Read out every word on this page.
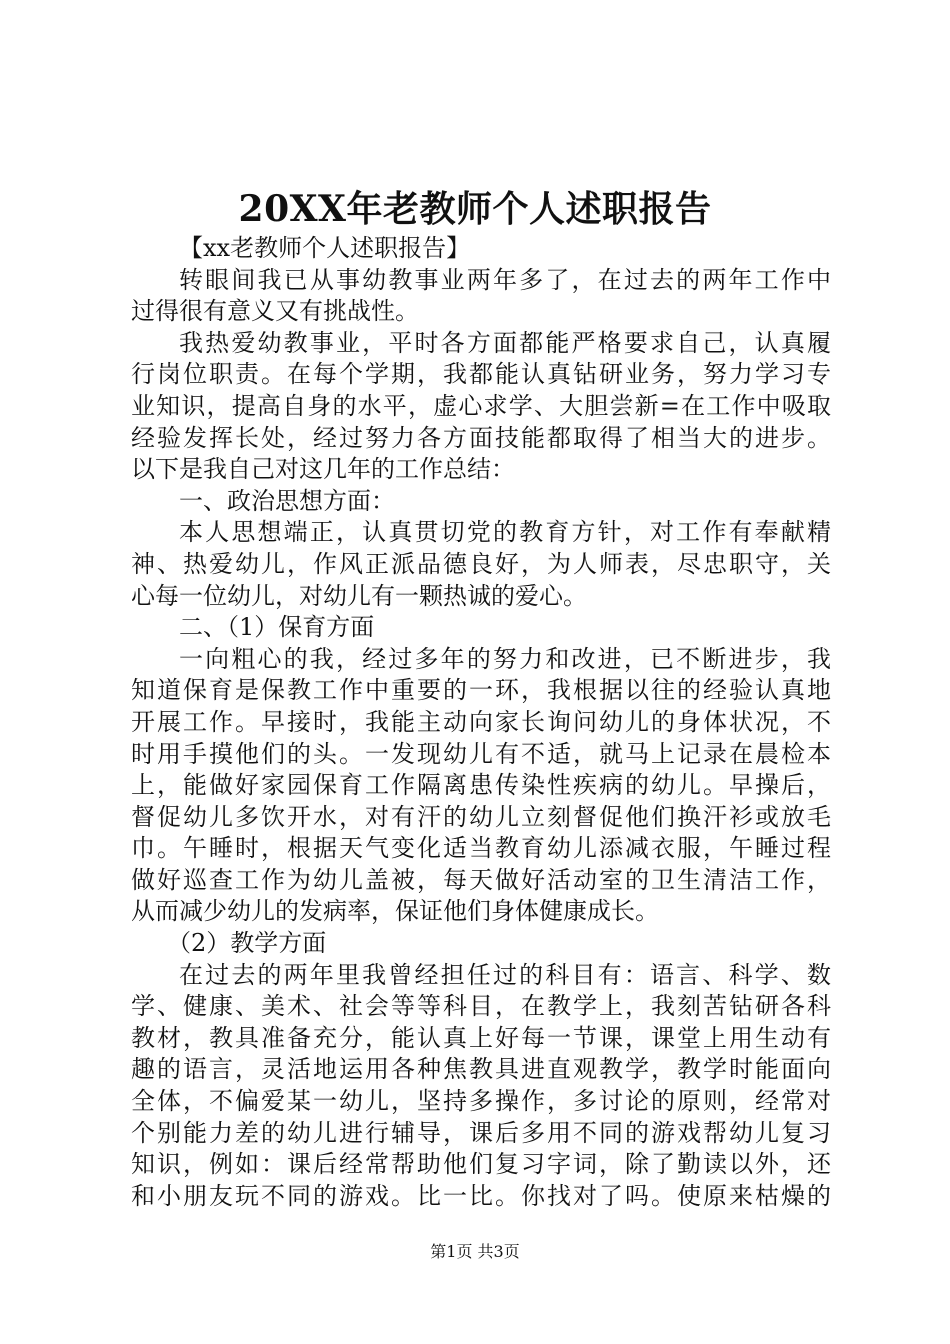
20XX年老教师个人述职报告
【xx老教师个人述职报告】
转眼间我已从事幼教事业两年多了，在过去的两年工作中
过得很有意义又有挑战性。
我热爱幼教事业，平时各方面都能严格要求自己，认真履
行岗位职责。在每个学期，我都能认真钻研业务，努力学习专
业知识，提高自身的水平，虚心求学、大胆尝新=在工作中吸取
经验发挥长处，经过努力各方面技能都取得了相当大的进步。
以下是我自己对这几年的工作总结：
一、政治思想方面：
本人思想端正，认真贯切党的教育方针，对工作有奉献精
神、热爱幼儿，作风正派品德良好，为人师表，尽忠职守，关
心每一位幼儿，对幼儿有一颗热诚的爱心。
二、（1）保育方面
一向粗心的我，经过多年的努力和改进，已不断进步，我
知道保育是保教工作中重要的一环，我根据以往的经验认真地
开展工作。早接时，我能主动向家长询问幼儿的身体状况，不
时用手摸他们的头。一发现幼儿有不适，就马上记录在晨检本
上，能做好家园保育工作隔离患传染性疾病的幼儿。早操后，
督促幼儿多饮开水，对有汗的幼儿立刻督促他们换汗衫或放毛
巾。午睡时，根据天气变化适当教育幼儿添减衣服，午睡过程
做好巡查工作为幼儿盖被，每天做好活动室的卫生清洁工作，
从而减少幼儿的发病率，保证他们身体健康成长。
（2）教学方面
在过去的两年里我曾经担任过的科目有：语言、科学、数
学、健康、美术、社会等等科目，在教学上，我刻苦钻研各科
教材，教具准备充分，能认真上好每一节课，课堂上用生动有
趣的语言，灵活地运用各种焦教具进直观教学，教学时能面向
全体，不偏爱某一幼儿，坚持多操作，多讨论的原则，经常对
个别能力差的幼儿进行辅导，课后多用不同的游戏帮幼儿复习
知识，例如：课后经常帮助他们复习字词，除了勤读以外，还
和小朋友玩不同的游戏。比一比。你找对了吗。使原来枯燥的
第1页 共3页
